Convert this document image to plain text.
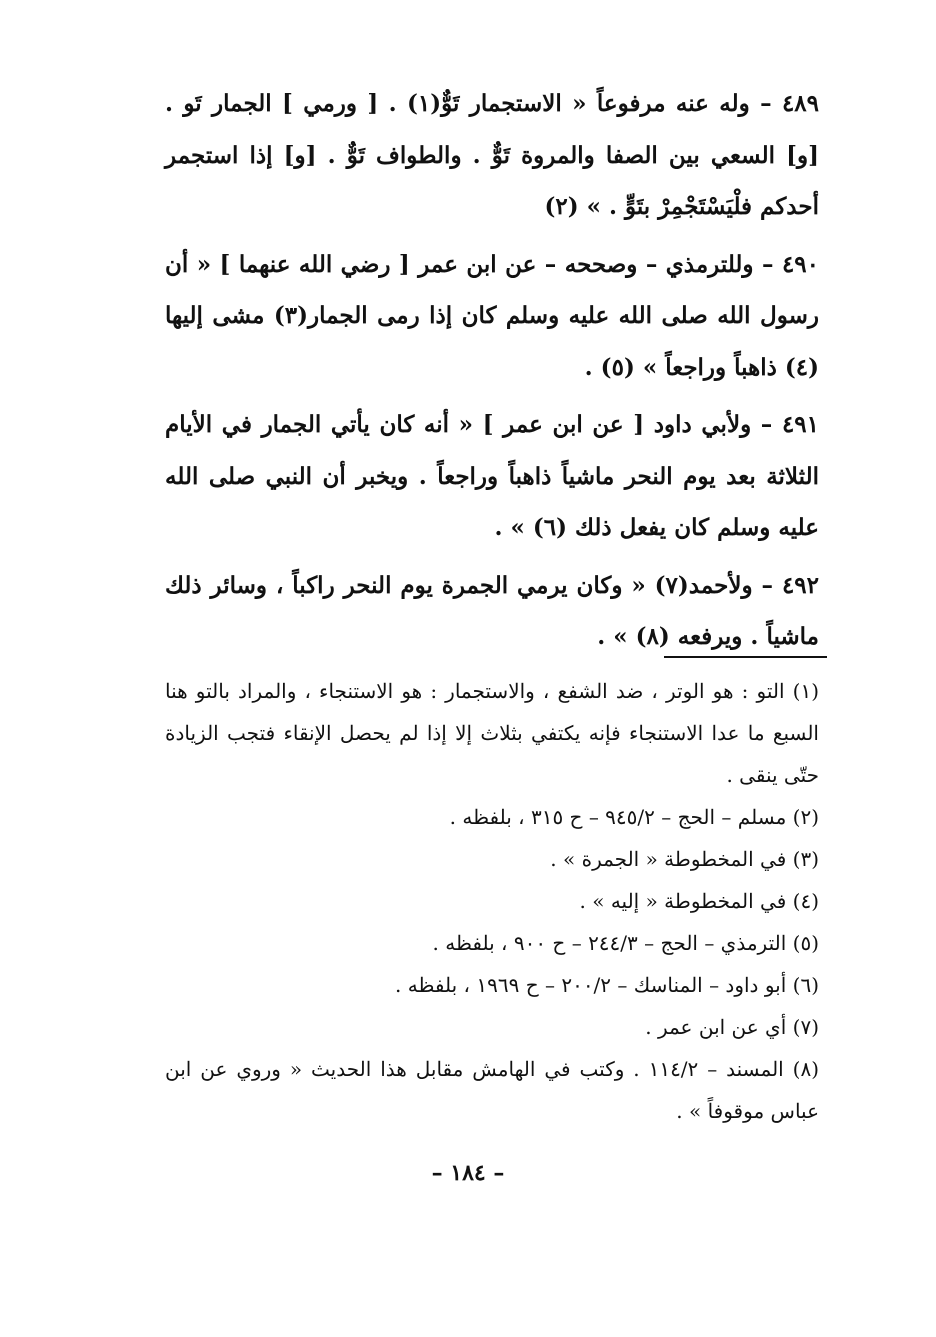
٤٨٩ – وله عنه مرفوعاً « الاستجمار تَوٌّ(١) . [ ورمي ] الجمار تَو . [و] السعي بين الصفا والمروة تَوٌّ . والطواف تَوٌّ . [و] إذا استجمر أحدكم فلْيَسْتَجْمِرْ بتَوٍّ . » (٢)

٤٩٠ – وللترمذي – وصححه – عن ابن عمر [ رضي الله عنهما ] « أن رسول الله صلى الله عليه وسلم كان إذا رمى الجمار(٣) مشى إليها (٤) ذاهباً وراجعاً » (٥) .

٤٩١ – ولأبي داود [ عن ابن عمر ] « أنه كان يأتي الجمار في الأيام الثلاثة بعد يوم النحر ماشياً ذاهباً وراجعاً . ويخبر أن النبي صلى الله عليه وسلم كان يفعل ذلك (٦) » .

٤٩٢ – ولأحمد(٧) « وكان يرمي الجمرة يوم النحر راكباً ، وسائر ذلك ماشياً . ويرفعه (٨) » .

(١) التو : هو الوتر ، ضد الشفع ، والاستجمار : هو الاستنجاء ، والمراد بالتو هنا السبع ما عدا الاستنجاء فإنه يكتفي بثلاث إلا إذا لم يحصل الإنقاء فتجب الزيادة حتّى ينقى .

(٢) مسلم – الحج – ٩٤٥/٢ – ح ٣١٥ ، بلفظه .

(٣) في المخطوطة « الجمرة » .

(٤) في المخطوطة « إليه » .

(٥) الترمذي – الحج – ٢٤٤/٣ – ح ٩٠٠ ، بلفظه .

(٦) أبو داود – المناسك – ٢٠٠/٢ – ح ١٩٦٩ ، بلفظه .

(٧) أي عن ابن عمر .

(٨) المسند – ١١٤/٢ . وكتب في الهامش مقابل هذا الحديث « وروي عن ابن عباس موقوفاً » .

– ١٨٤ –
